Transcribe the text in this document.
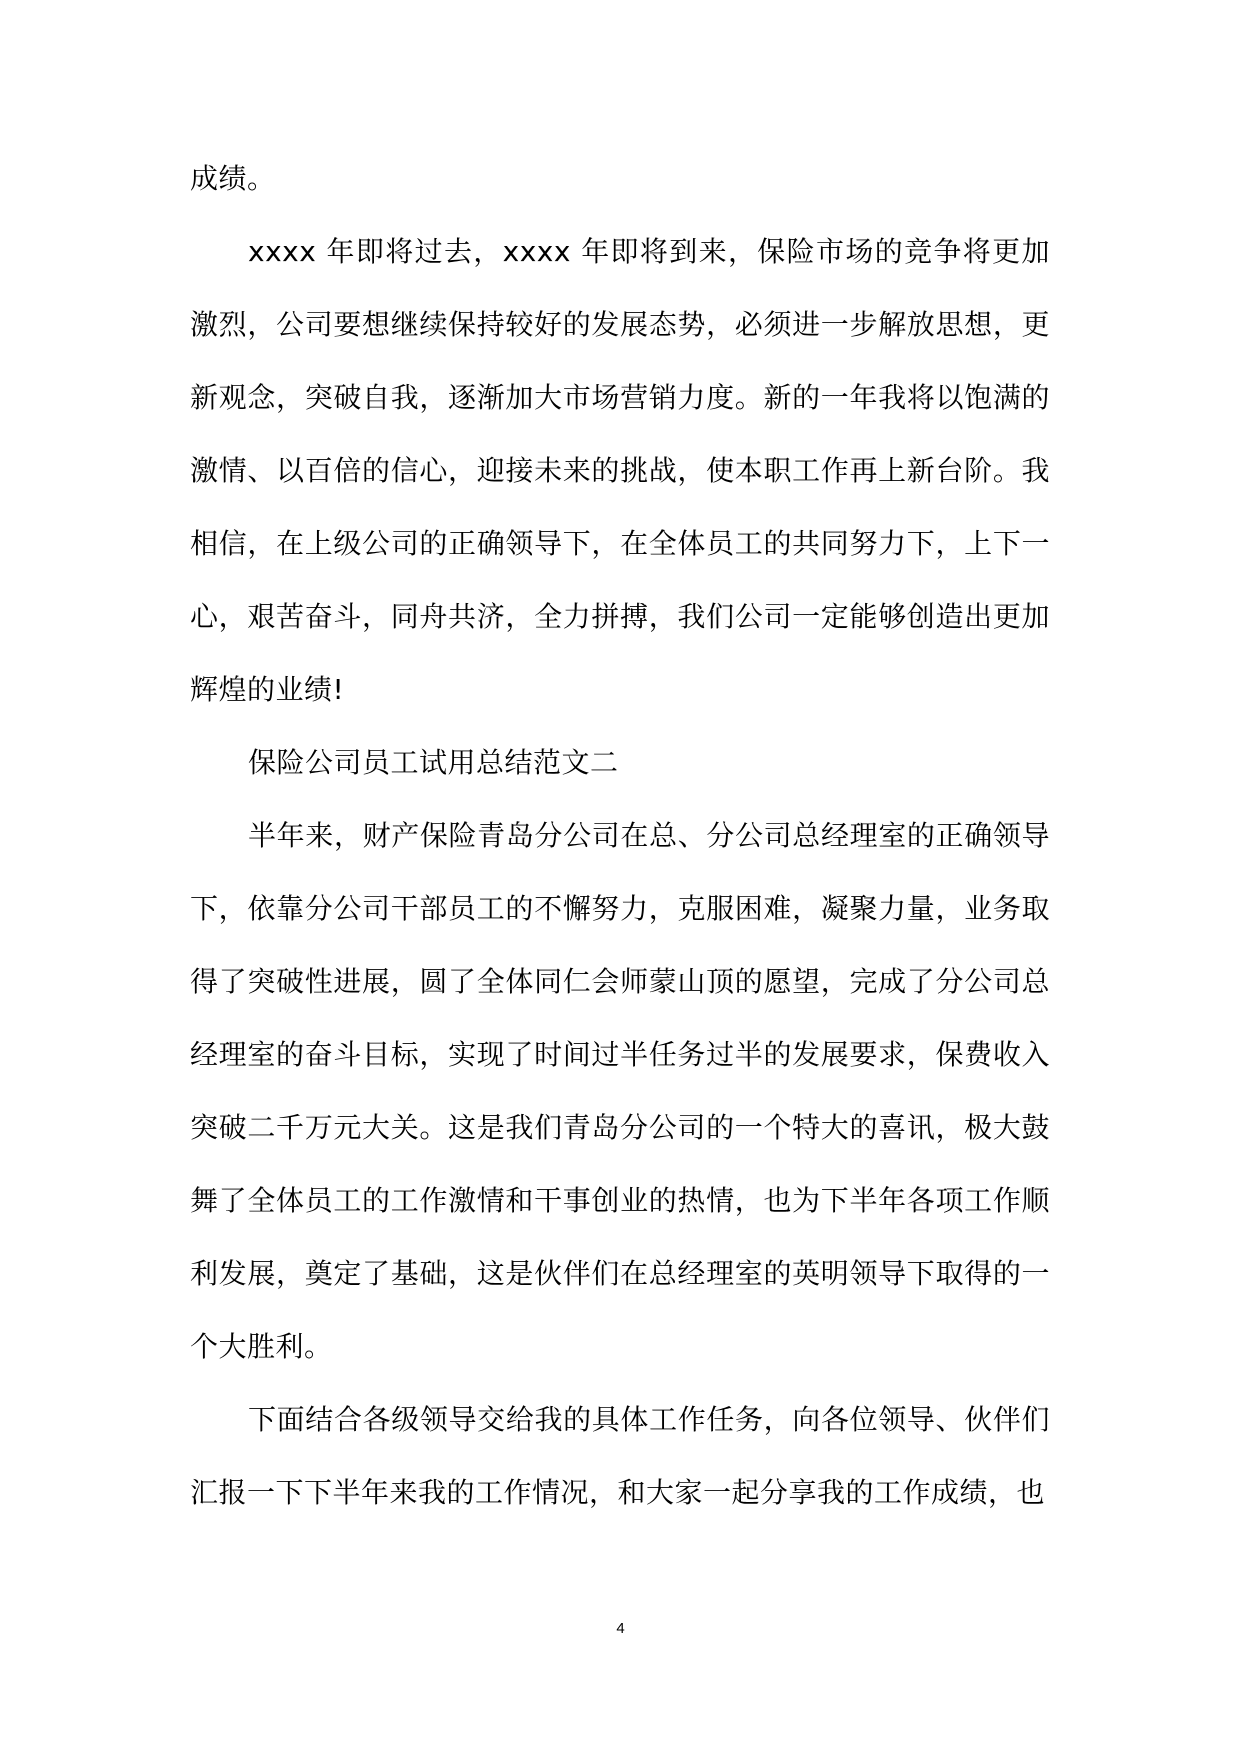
成绩。

xxxx 年即将过去，xxxx 年即将到来，保险市场的竞争将更加激烈，公司要想继续保持较好的发展态势，必须进一步解放思想，更新观念，突破自我，逐渐加大市场营销力度。新的一年我将以饱满的激情、以百倍的信心，迎接未来的挑战，使本职工作再上新台阶。我相信，在上级公司的正确领导下，在全体员工的共同努力下，上下一心，艰苦奋斗，同舟共济，全力拼搏，我们公司一定能够创造出更加辉煌的业绩!

保险公司员工试用总结范文二

半年来，财产保险青岛分公司在总、分公司总经理室的正确领导下，依靠分公司干部员工的不懈努力，克服困难，凝聚力量，业务取得了突破性进展，圆了全体同仁会师蒙山顶的愿望，完成了分公司总经理室的奋斗目标，实现了时间过半任务过半的发展要求，保费收入突破二千万元大关。这是我们青岛分公司的一个特大的喜讯，极大鼓舞了全体员工的工作激情和干事创业的热情，也为下半年各项工作顺利发展，奠定了基础，这是伙伴们在总经理室的英明领导下取得的一个大胜利。

下面结合各级领导交给我的具体工作任务，向各位领导、伙伴们汇报一下下半年来我的工作情况，和大家一起分享我的工作成绩，也

4
